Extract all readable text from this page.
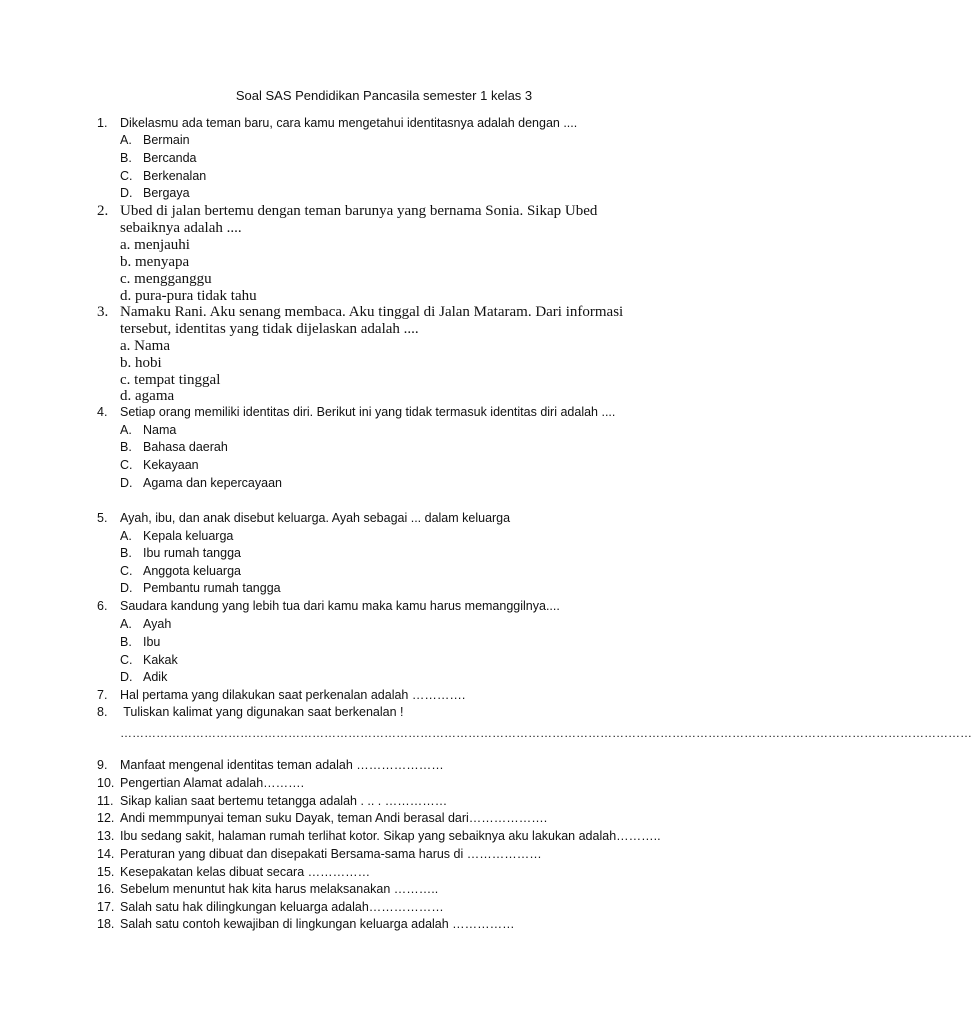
Soal SAS Pendidikan Pancasila semester 1 kelas 3
1.	Dikelasmu ada teman baru, cara kamu mengetahui identitasnya adalah dengan ....
A. Bermain
B. Bercanda
C. Berkenalan
D. Bergaya
2. Ubed di jalan bertemu dengan teman barunya yang bernama Sonia. Sikap Ubed sebaiknya adalah ....
a. menjauhi
b. menyapa
c. mengganggu
d. pura-pura tidak tahu
3. Namaku Rani. Aku senang membaca. Aku tinggal di Jalan Mataram. Dari informasi tersebut, identitas yang tidak dijelaskan adalah ....
a. Nama
b. hobi
c. tempat tinggal
d. agama
4.	Setiap orang memiliki identitas diri. Berikut ini yang tidak termasuk identitas diri adalah ....
A. Nama
B. Bahasa daerah
C. Kekayaan
D. Agama dan kepercayaan
5.	Ayah, ibu, dan anak disebut keluarga. Ayah sebagai ... dalam keluarga
A. Kepala keluarga
B. Ibu rumah tangga
C. Anggota keluarga
D. Pembantu rumah tangga
6.	Saudara kandung yang lebih tua dari kamu maka kamu harus memanggilnya....
A. Ayah
B. Ibu
C. Kakak
D. Adik
7.	Hal pertama yang dilakukan saat perkenalan adalah ………….
8.	Tuliskan kalimat yang digunakan saat berkenalan !
……………………………………………………………………………………………………………………………………………………………………………………………
9.	Manfaat mengenal identitas teman adalah …………………
10. Pengertian Alamat adalah……….
11. Sikap kalian saat bertemu tetangga adalah . .. . ……………
12. Andi memmpunyai teman suku Dayak, teman Andi berasal dari……………….
13. Ibu sedang sakit, halaman rumah terlihat kotor. Sikap yang sebaiknya aku lakukan adalah………..
14. Peraturan yang dibuat dan disepakati Bersama-sama harus di ………………
15. Kesepakatan kelas dibuat secara ……………
16. Sebelum menuntut hak kita harus melaksanakan ………..
17. Salah satu hak dilingkungan keluarga adalah………………
18. Salah satu contoh kewajiban di lingkungan keluarga adalah ……………
